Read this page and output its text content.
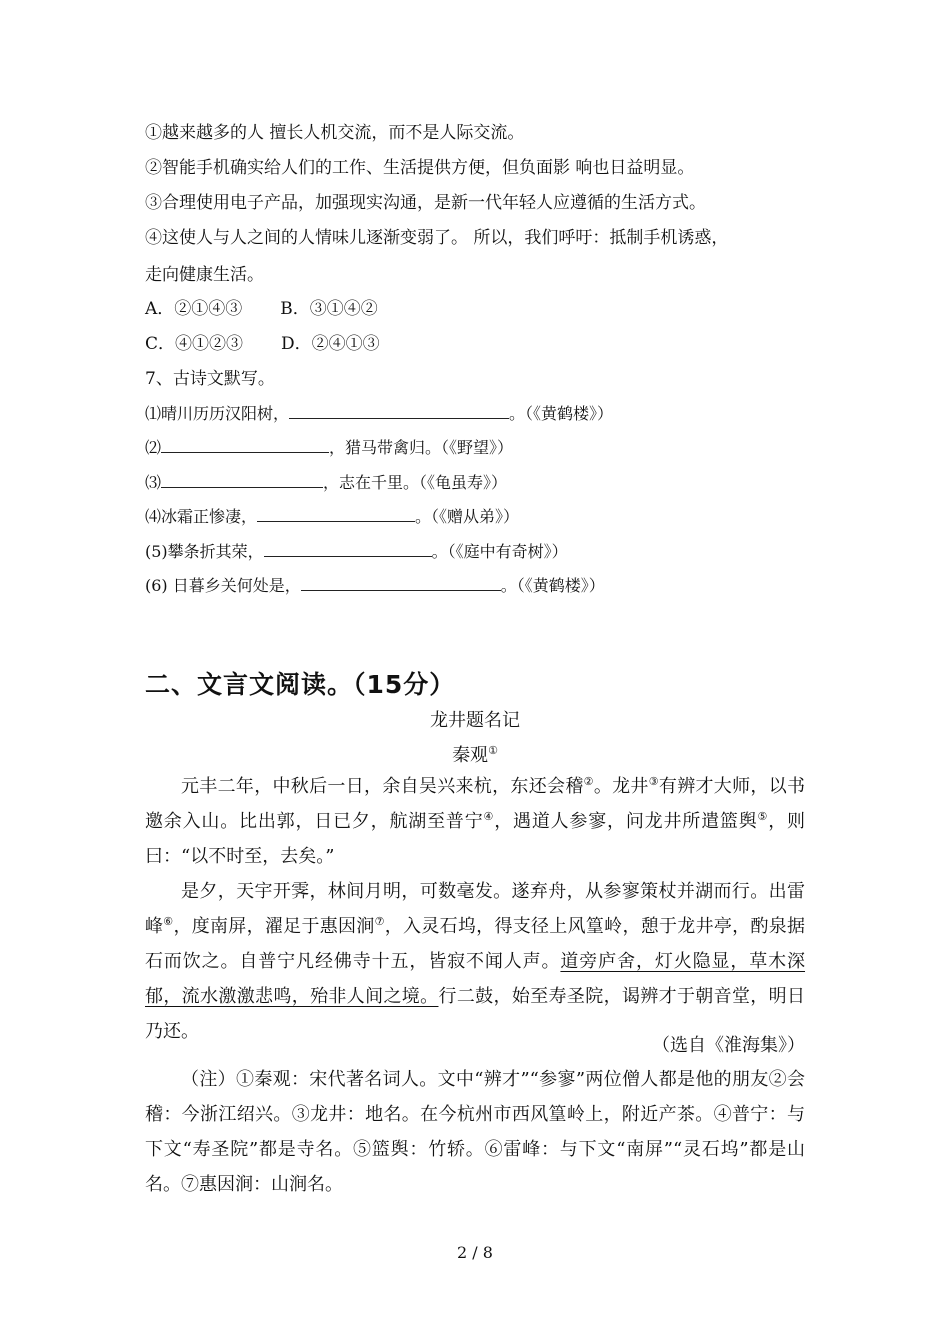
①越来越多的人 擅长人机交流，而不是人际交流。
②智能手机确实给人们的工作、生活提供方便，但负面影 响也日益明显。
③合理使用电子产品，加强现实沟通，是新一代年轻人应遵循的生活方式。
④这使人与人之间的人情味儿逐渐变弱了。 所以，我们呼吁：抵制手机诱惑，
走向健康生活。
A．②①④③ B．③①④②
C．④①②③ D．②④①③
7、古诗文默写。
⑴晴川历历汉阳树，	。（《黄鹤楼》）
⑵	，猎马带禽归。（《野望》）
⑶	，志在千里。（《龟虽寿》）
⑷冰霜正惨凄，	。（《赠从弟》）
(5)攀条折其荣，	。（《庭中有奇树》）
(6) 日暮乡关何处是，	。（《黄鹤楼》）
二、文言文阅读。（15分）
龙井题名记
秦观①
元丰二年，中秋后一日，余自吴兴来杭，东还会稽②。龙井③有辨才大师，以书邀余入山。比出郭，日已夕，航湖至普宁④，遇道人参寥，问龙井所遣篮舆⑤，则曰：“以不时至，去矣。”
是夕，天宇开霁，林间月明，可数毫发。遂弃舟，从参寥策杖并湖而行。出雷峰⑥，度南屏，濯足于惠因涧⑦，入灵石坞，得支径上风篁岭，憩于龙井亭，酌泉据石而饮之。自普宁凡经佛寺十五，皆寂不闻人声。道旁庐舍，灯火隐显，草木深郁，流水激激悲鸣，殆非人间之境。行二鼓，始至寿圣院，谒辨才于朝音堂，明日乃还。
（选自《淮海集》）
（注）①秦观：宋代著名词人。文中“辨才”“参寥”两位僧人都是他的朋友②会稽：今浙江绍兴。③龙井：地名。在今杭州市西风篁岭上，附近产茶。④普宁：与下文“寿圣院”都是寺名。⑤篮舆：竹轿。⑥雷峰：与下文“南屏”“灵石坞”都是山名。⑦惠因涧：山涧名。
2 / 8
